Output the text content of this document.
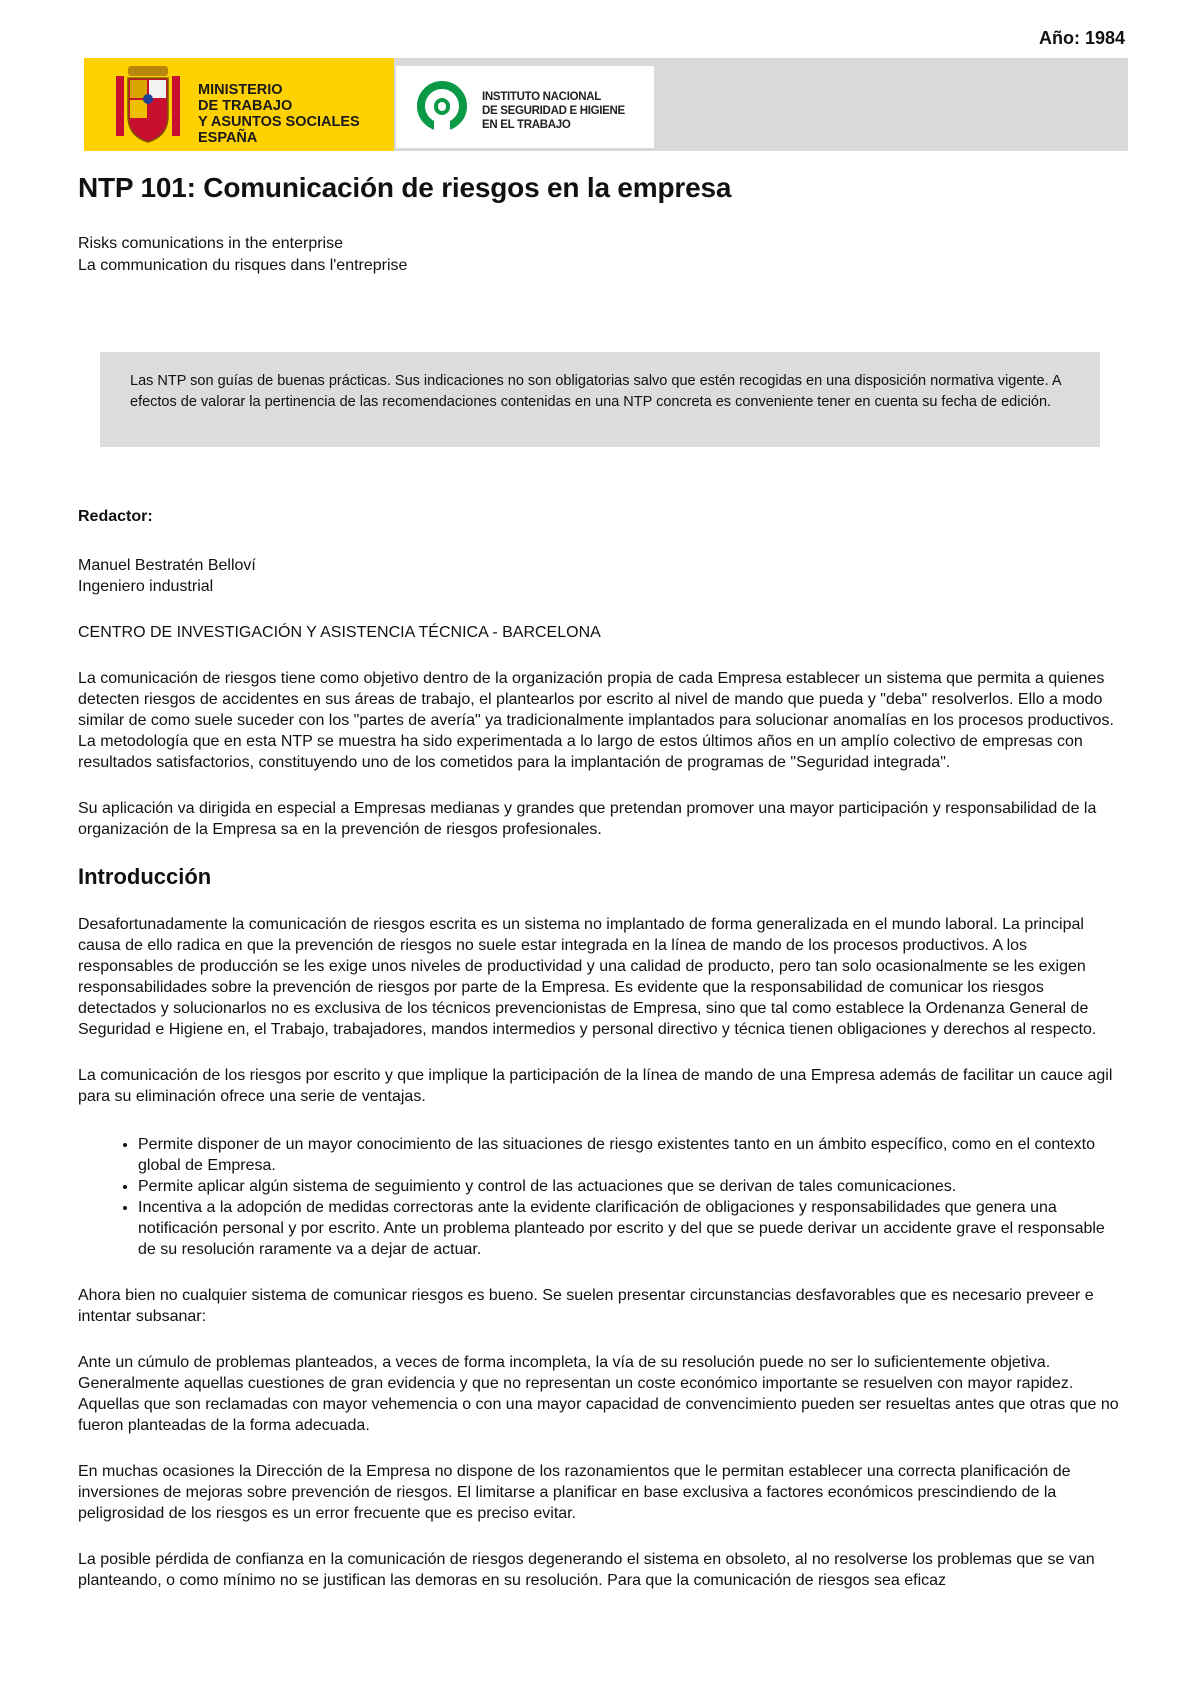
Año: 1984
MINISTERIO
DE TRABAJO
Y ASUNTOS SOCIALES
ESPAÑA
INSTITUTO NACIONAL
DE SEGURIDAD E HIGIENE
EN EL TRABAJO
NTP 101: Comunicación de riesgos en la empresa
Risks comunications in the enterprise
La communication du risques dans l'entreprise

Las NTP son guías de buenas prácticas. Sus indicaciones no son obligatorias salvo que estén recogidas en una disposición normativa vigente. A efectos de valorar la pertinencia de las recomendaciones contenidas en una NTP concreta es conveniente tener en cuenta su fecha de edición.

Redactor:

Manuel Bestratén Belloví

Ingeniero industrial

CENTRO DE INVESTIGACIÓN Y ASISTENCIA TÉCNICA - BARCELONA

La comunicación de riesgos tiene como objetivo dentro de la organización propia de cada Empresa establecer un sistema que permita a quienes detecten riesgos de accidentes en sus áreas de trabajo, el plantearlos por escrito al nivel de mando que pueda y "deba" resolverlos. Ello a modo similar de como suele suceder con los "partes de avería" ya tradicionalmente implantados para solucionar anomalías en los procesos productivos. La metodología que en esta NTP se muestra ha sido experimentada a lo largo de estos últimos años en un amplío colectivo de empresas con resultados satisfactorios, constituyendo uno de los cometidos para la implantación de programas de "Seguridad integrada".

Su aplicación va dirigida en especial a Empresas medianas y grandes que pretendan promover una mayor participación y responsabilidad de la organización de la Empresa sa en la prevención de riesgos profesionales.

Introducción

Desafortunadamente la comunicación de riesgos escrita es un sistema no implantado de forma generalizada en el mundo laboral. La principal causa de ello radica en que la prevención de riesgos no suele estar integrada en la línea de mando de los procesos productivos. A los responsables de producción se les exige unos niveles de productividad y una calidad de producto, pero tan solo ocasionalmente se les exigen responsabilidades sobre la prevención de riesgos por parte de la Empresa. Es evidente que la responsabilidad de comunicar los riesgos detectados y solucionarlos no es exclusiva de los técnicos prevencionistas de Empresa, sino que tal como establece la Ordenanza General de Seguridad e Higiene en, el Trabajo, trabajadores, mandos intermedios y personal directivo y técnica tienen obligaciones y derechos al respecto.

La comunicación de los riesgos por escrito y que implique la participación de la línea de mando de una Empresa además de facilitar un cauce agil para su eliminación ofrece una serie de ventajas.

• Permite disponer de un mayor conocimiento de las situaciones de riesgo existentes tanto en un ámbito específico, como en el contexto global de Empresa.
• Permite aplicar algún sistema de seguimiento y control de las actuaciones que se derivan de tales comunicaciones.
• Incentiva a la adopción de medidas correctoras ante la evidente clarificación de obligaciones y responsabilidades que genera una notificación personal y por escrito. Ante un problema planteado por escrito y del que se puede derivar un accidente grave el responsable de su resolución raramente va a dejar de actuar.

Ahora bien no cualquier sistema de comunicar riesgos es bueno. Se suelen presentar circunstancias desfavorables que es necesario preveer e intentar subsanar:

Ante un cúmulo de problemas planteados, a veces de forma incompleta, la vía de su resolución puede no ser lo suficientemente objetiva. Generalmente aquellas cuestiones de gran evidencia y que no representan un coste económico importante se resuelven con mayor rapidez. Aquellas que son reclamadas con mayor vehemencia o con una mayor capacidad de convencimiento pueden ser resueltas antes que otras que no fueron planteadas de la forma adecuada.

En muchas ocasiones la Dirección de la Empresa no dispone de los razonamientos que le permitan establecer una correcta planificación de inversiones de mejoras sobre prevención de riesgos. El limitarse a planificar en base exclusiva a factores económicos prescindiendo de la peligrosidad de los riesgos es un error frecuente que es preciso evitar.

La posible pérdida de confianza en la comunicación de riesgos degenerando el sistema en obsoleto, al no resolverse los problemas que se van planteando, o como mínimo no se justifican las demoras en su resolución. Para que la comunicación de riesgos sea eficaz
